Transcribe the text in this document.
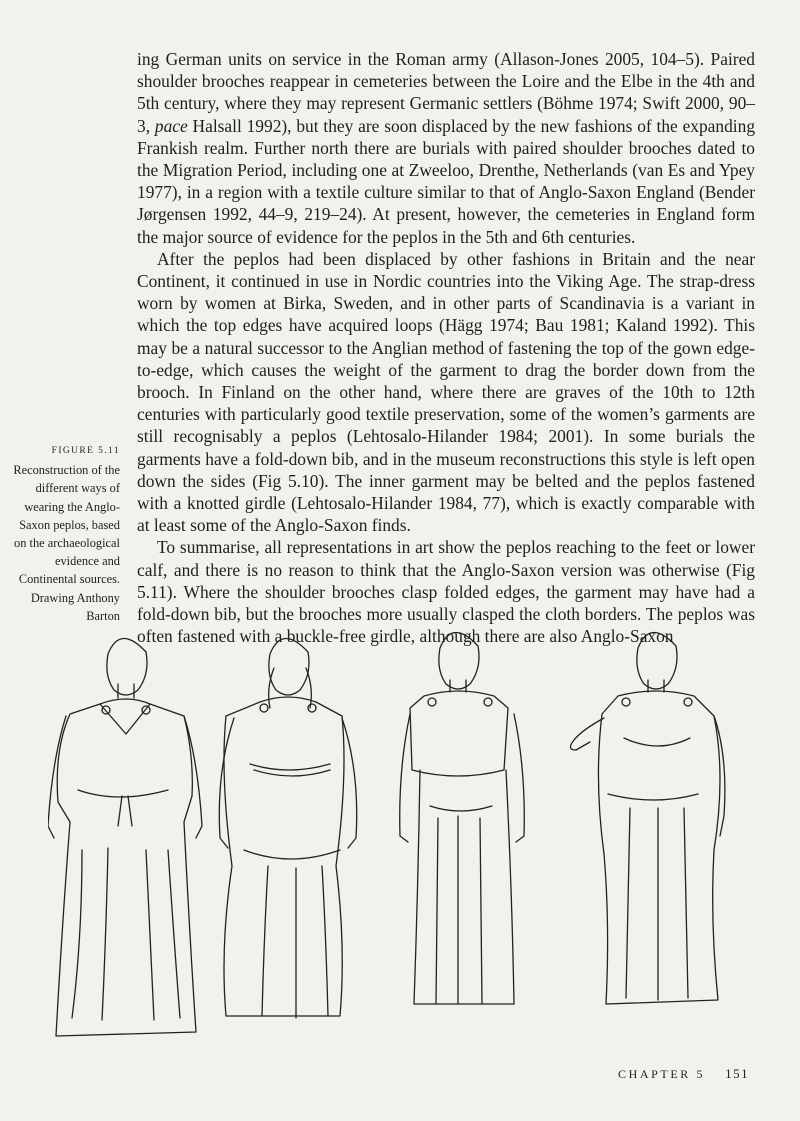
ing German units on service in the Roman army (Allason-Jones 2005, 104–5). Paired shoulder brooches reappear in cemeteries between the Loire and the Elbe in the 4th and 5th century, where they may represent Germanic settlers (Böhme 1974; Swift 2000, 90–3, pace Halsall 1992), but they are soon displaced by the new fashions of the expanding Frankish realm. Further north there are burials with paired shoulder brooches dated to the Migration Period, including one at Zweeloo, Drenthe, Netherlands (van Es and Ypey 1977), in a region with a textile culture similar to that of Anglo-Saxon England (Bender Jørgensen 1992, 44–9, 219–24). At present, however, the cemeteries in England form the major source of evidence for the peplos in the 5th and 6th centuries.

After the peplos had been displaced by other fashions in Britain and the near Continent, it continued in use in Nordic countries into the Viking Age. The strap-dress worn by women at Birka, Sweden, and in other parts of Scandinavia is a variant in which the top edges have acquired loops (Hägg 1974; Bau 1981; Kaland 1992). This may be a natural successor to the Anglian method of fastening the top of the gown edge-to-edge, which causes the weight of the garment to drag the border down from the brooch. In Finland on the other hand, where there are graves of the 10th to 12th centuries with particularly good textile preservation, some of the women’s garments are still recognisably a peplos (Lehtosalo-Hilander 1984; 2001). In some burials the garments have a fold-down bib, and in the museum reconstructions this style is left open down the sides (Fig 5.10). The inner garment may be belted and the peplos fastened with a knotted girdle (Lehtosalo-Hilander 1984, 77), which is exactly comparable with at least some of the Anglo-Saxon finds.

To summarise, all representations in art show the peplos reaching to the feet or lower calf, and there is no reason to think that the Anglo-Saxon version was otherwise (Fig 5.11). Where the shoulder brooches clasp folded edges, the garment may have had a fold-down bib, but the brooches more usually clasped the cloth borders. The peplos was often fastened with a buckle-free girdle, although there are also Anglo-Saxon

FIGURE 5.11
Reconstruction of the different ways of wearing the Anglo-Saxon peplos, based on the archaeological evidence and Continental sources. Drawing Anthony Barton
CHAPTER 5 151
